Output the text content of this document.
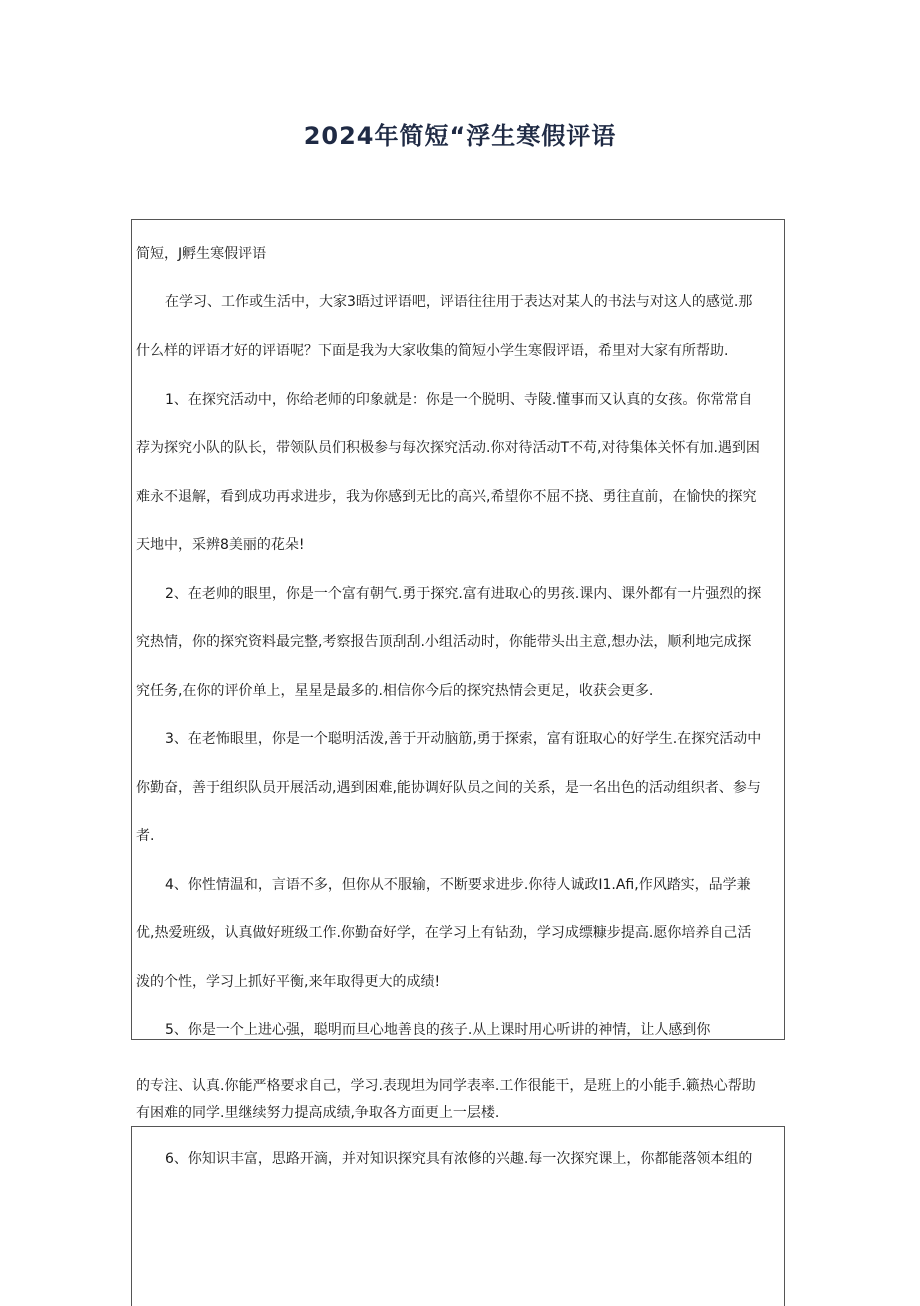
2024年简短“浮生寒假评语
简短，J孵生寒假评语
在学习、工作或生活中，大家3晤过评语吧，评语往往用于表达对某人的书法与对这人的感觉.那
什么样的评语才好的评语呢？下面是我为大家收集的简短小学生寒假评语，希里对大家有所帮助.
1、在探究活动中，你给老师的印象就是：你是一个脱明、寺陵.懂事而又认真的女孩。你常常自
荐为探究小队的队长，带领队员们积极参与每次探究活动.你对待活动T不苟,对待集体关怀有加.遇到困
难永不退解，看到成功再求进步，我为你感到无比的高兴,希望你不屈不挠、勇往直前，在愉快的探究
天地中，采辨8美丽的花朵!
2、在老帅的眼里，你是一个富有朝气.勇于探究.富有进取心的男孩.课内、课外都有一片强烈的探
究热情，你的探究资料最完整,考察报告顶刮刮.小组活动时，你能带头出主意,想办法，顺利地完成探
究任务,在你的评价单上，星星是最多的.相信你今后的探究热情会更足，收获会更多.
3、在老怖眼里，你是一个聪明活泼,善于开动脑筋,勇于探索，富有诳取心的好学生.在探究活动中
你勤奋，善于组织队员开展活动,遇到困难,能协调好队员之间的关系，是一名出色的活动组织者、参与
者.
4、你性情温和，言语不多，但你从不服输，不断要求进步.你待人诚政I1.Afi,作风踏实，品学兼
优,热爱班级，认真做好班级工作.你勤奋好学，在学习上有钻劲，学习成缥糠步提高.愿你培养自己活
泼的个性，学习上抓好平衡,来年取得更大的成绩!
5、你是一个上进心强，聪明而旦心地善良的孩子.从上课时用心听讲的神情，让人感到你
的专注、认真.你能严格要求自己，学习.表现坦为同学表率.工作很能干，是班上的小能手.籁热心帮助
有困难的同学.里继续努力提高成绩,争取各方面更上一层楼.
6、你知识丰富，思路开滴，并对知识探究具有浓修的兴趣.每一次探究课上，你都能落领本组的
